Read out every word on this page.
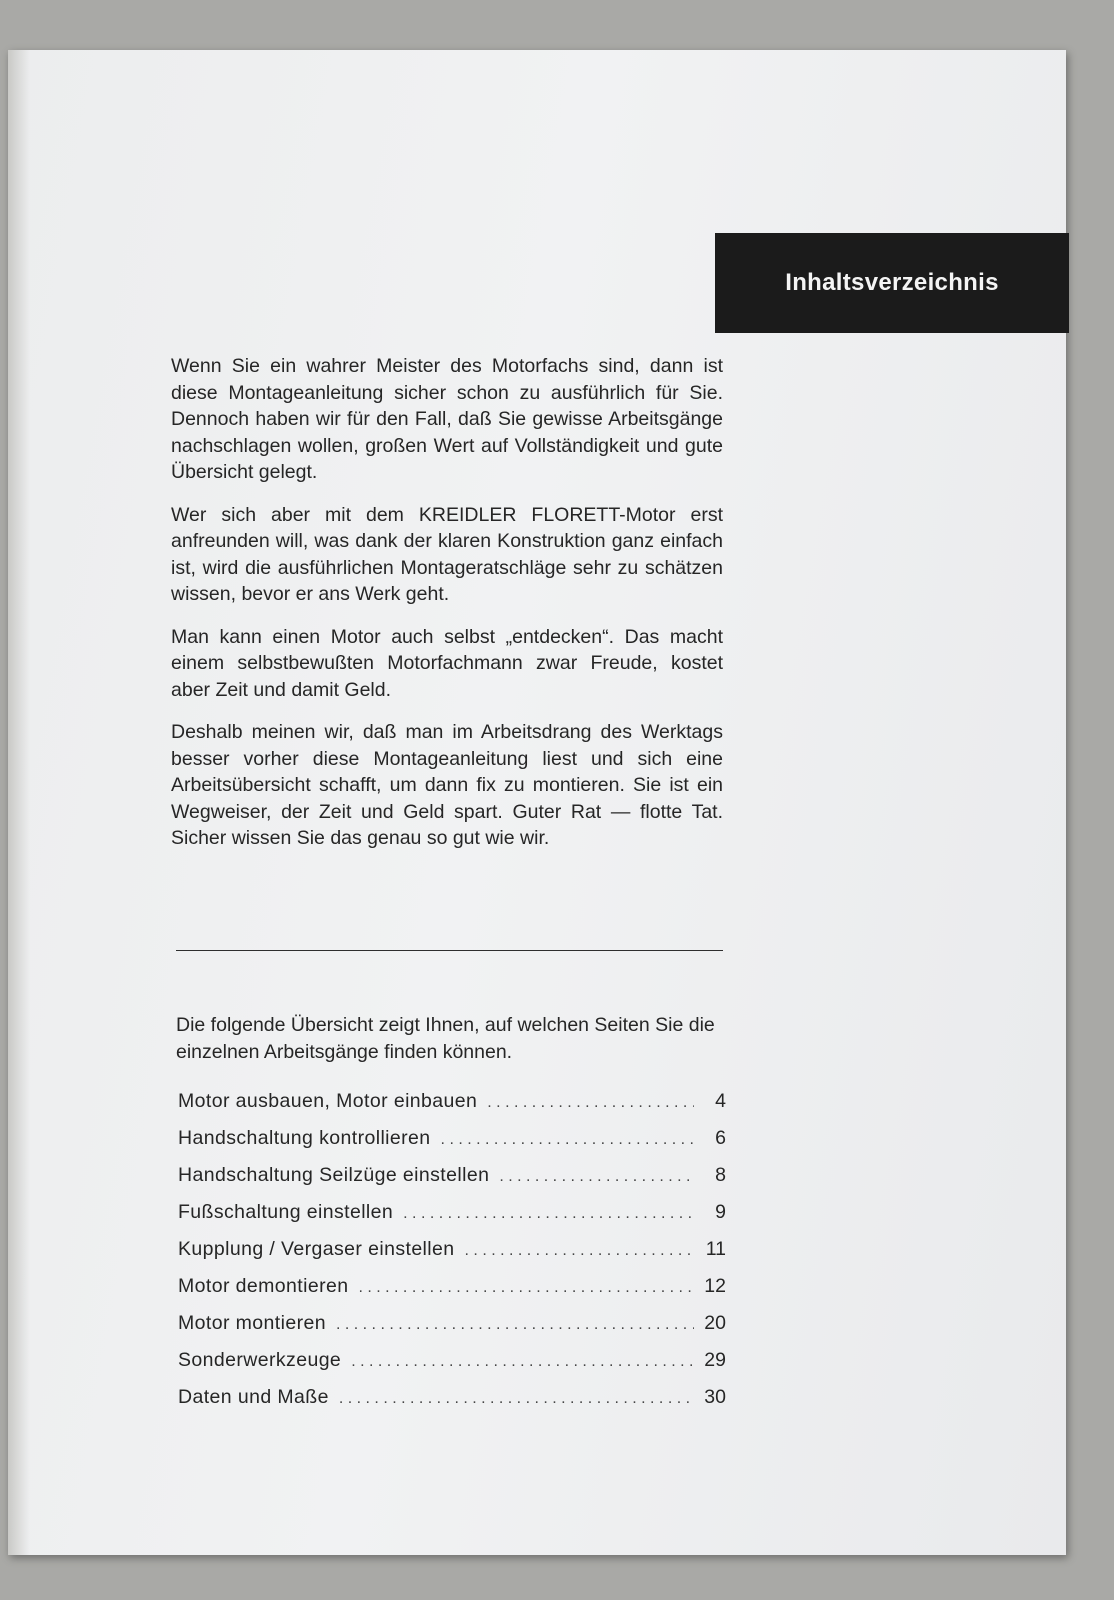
Inhaltsverzeichnis

Wenn Sie ein wahrer Meister des Motorfachs sind, dann ist diese Montageanleitung sicher schon zu ausführlich für Sie. Dennoch haben wir für den Fall, daß Sie gewisse Arbeitsgänge nachschlagen wollen, großen Wert auf Vollständigkeit und gute Übersicht gelegt.

Wer sich aber mit dem KREIDLER FLORETT-Motor erst anfreunden will, was dank der klaren Konstruktion ganz einfach ist, wird die ausführlichen Montageratschläge sehr zu schätzen wissen, bevor er ans Werk geht.

Man kann einen Motor auch selbst „entdecken“. Das macht einem selbstbewußten Motorfachmann zwar Freude, kostet aber Zeit und damit Geld.

Deshalb meinen wir, daß man im Arbeitsdrang des Werktags besser vorher diese Montageanleitung liest und sich eine Arbeitsübersicht schafft, um dann fix zu montieren. Sie ist ein Wegweiser, der Zeit und Geld spart. Guter Rat — flotte Tat. Sicher wissen Sie das genau so gut wie wir.

Die folgende Übersicht zeigt Ihnen, auf welchen Seiten Sie die einzelnen Arbeitsgänge finden können.

Motor ausbauen, Motor einbauen . . .	4
Handschaltung kontrollieren . . .	6
Handschaltung Seilzüge einstellen . . .	8
Fußschaltung einstellen . . .	9
Kupplung / Vergaser einstellen . . .	11
Motor demontieren . . .	12
Motor montieren . . .	20
Sonderwerkzeuge . . .	29
Daten und Maße . . .	30
